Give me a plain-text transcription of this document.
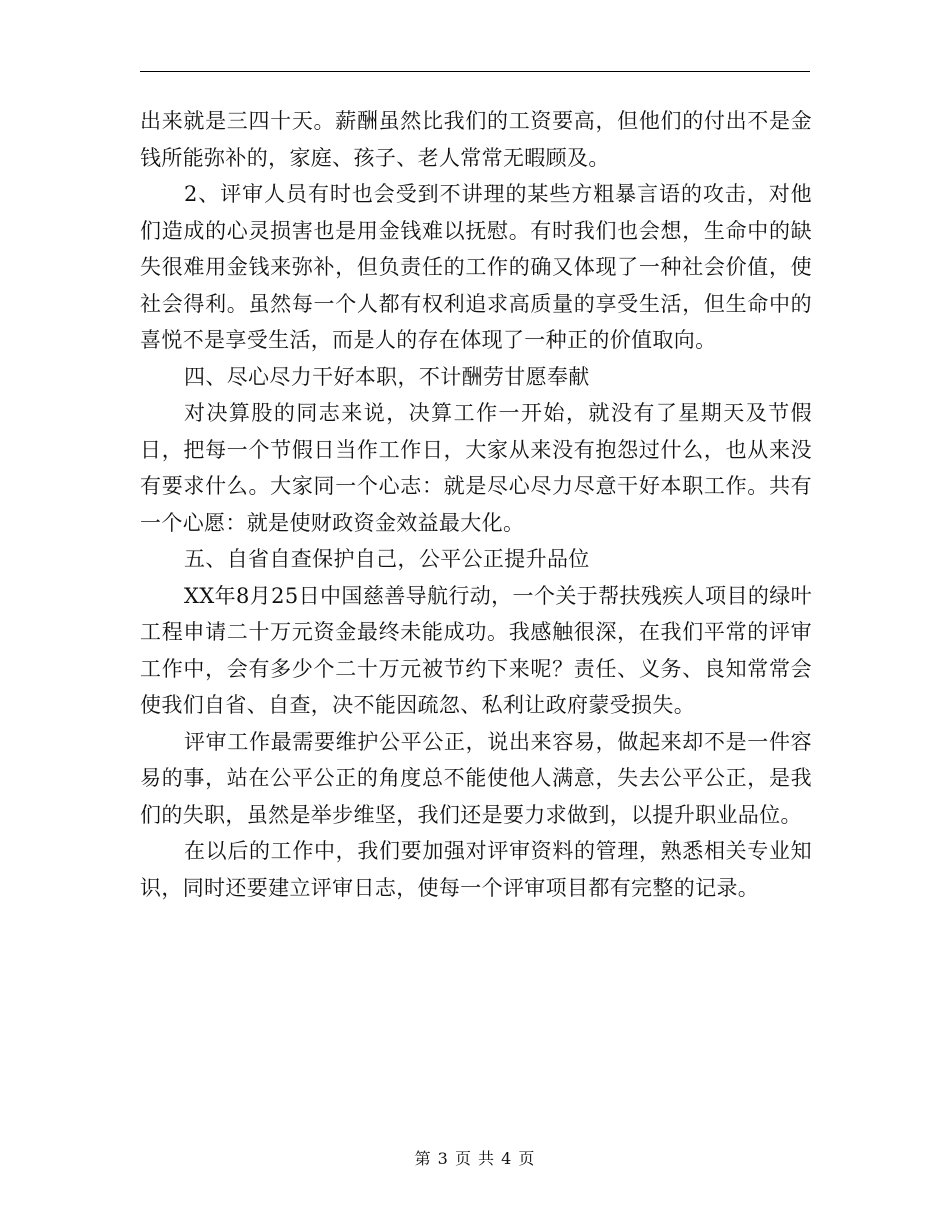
出来就是三四十天。薪酬虽然比我们的工资要高，但他们的付出不是金钱所能弥补的，家庭、孩子、老人常常无暇顾及。

2、评审人员有时也会受到不讲理的某些方粗暴言语的攻击，对他们造成的心灵损害也是用金钱难以抚慰。有时我们也会想，生命中的缺失很难用金钱来弥补，但负责任的工作的确又体现了一种社会价值，使社会得利。虽然每一个人都有权利追求高质量的享受生活，但生命中的喜悦不是享受生活，而是人的存在体现了一种正的价值取向。

四、尽心尽力干好本职，不计酬劳甘愿奉献

对决算股的同志来说，决算工作一开始，就没有了星期天及节假日，把每一个节假日当作工作日，大家从来没有抱怨过什么，也从来没有要求什么。大家同一个心志：就是尽心尽力尽意干好本职工作。共有一个心愿：就是使财政资金效益最大化。

五、自省自查保护自己，公平公正提升品位

XX年8月25日中国慈善导航行动，一个关于帮扶残疾人项目的绿叶工程申请二十万元资金最终未能成功。我感触很深，在我们平常的评审工作中，会有多少个二十万元被节约下来呢？责任、义务、良知常常会使我们自省、自查，决不能因疏忽、私利让政府蒙受损失。

评审工作最需要维护公平公正，说出来容易，做起来却不是一件容易的事，站在公平公正的角度总不能使他人满意，失去公平公正，是我们的失职，虽然是举步维坚，我们还是要力求做到，以提升职业品位。

在以后的工作中，我们要加强对评审资料的管理，熟悉相关专业知识，同时还要建立评审日志，使每一个评审项目都有完整的记录。

第 3 页 共 4 页
